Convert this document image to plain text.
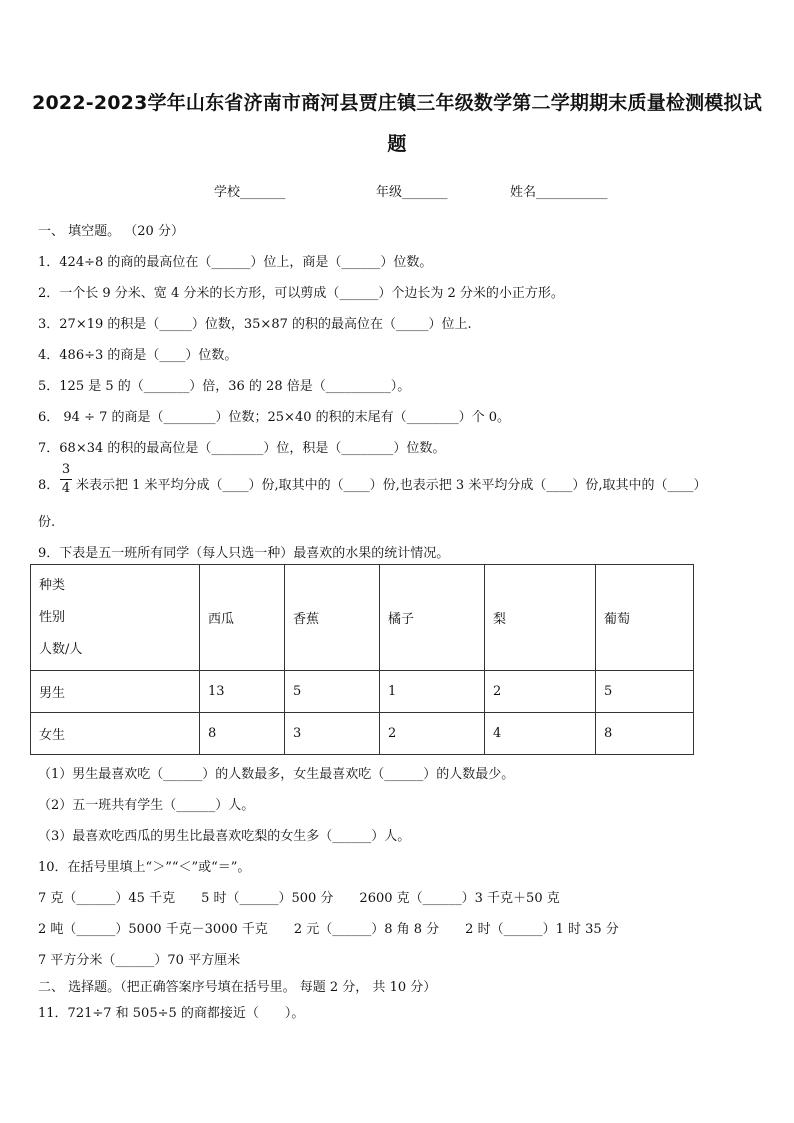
2022-2023学年山东省济南市商河县贾庄镇三年级数学第二学期期末质量检测模拟试
题
学校_______	年级_______	姓名___________
一、 填空题。 （20 分）
1．424÷8 的商的最高位在（______）位上，商是（______）位数。
2．一个长 9 分米、宽 4 分米的长方形，可以剪成（______）个边长为 2 分米的小正方形。
3．27×19 的积是（_____）位数，35×87 的积的最高位在（_____）位上.
4．486÷3 的商是（____）位数。
5．125 是 5 的（_______）倍，36 的 28 倍是（__________）。
6． 94 ÷ 7 的商是（________）位数；25×40 的积的末尾有（________）个 0。
7．68×34 的积的最高位是（________）位，积是（________）位数。
8．
3
4 米表示把 1 米平均分成（____）份,取其中的（____）份,也表示把 3 米平均分成（____）份,取其中的（____）
份.
9．下表是五一班所有同学（每人只选一种）最喜欢的水果的统计情况。
种类
性别
人数/人	西瓜	香蕉	橘子	梨	葡萄
男生	13	5	1	2	5
女生	8	3	2	4	8
（1）男生最喜欢吃（______）的人数最多，女生最喜欢吃（______）的人数最少。
（2）五一班共有学生（______）人。
（3）最喜欢吃西瓜的男生比最喜欢吃梨的女生多（______）人。
10．在括号里填上“＞”“＜”或“＝”。
7 克（______）45 千克　　5 时（______）500 分　　2600 克（______）3 千克＋50 克
2 吨（______）5000 千克－3000 千克　　2 元（______）8 角 8 分　　2 时（______）1 时 35 分
7 平方分米（______）70 平方厘米
二、 选择题。（把正确答案序号填在括号里。 每题 2 分， 共 10 分）
11．721÷7 和 505÷5 的商都接近（　　）。
